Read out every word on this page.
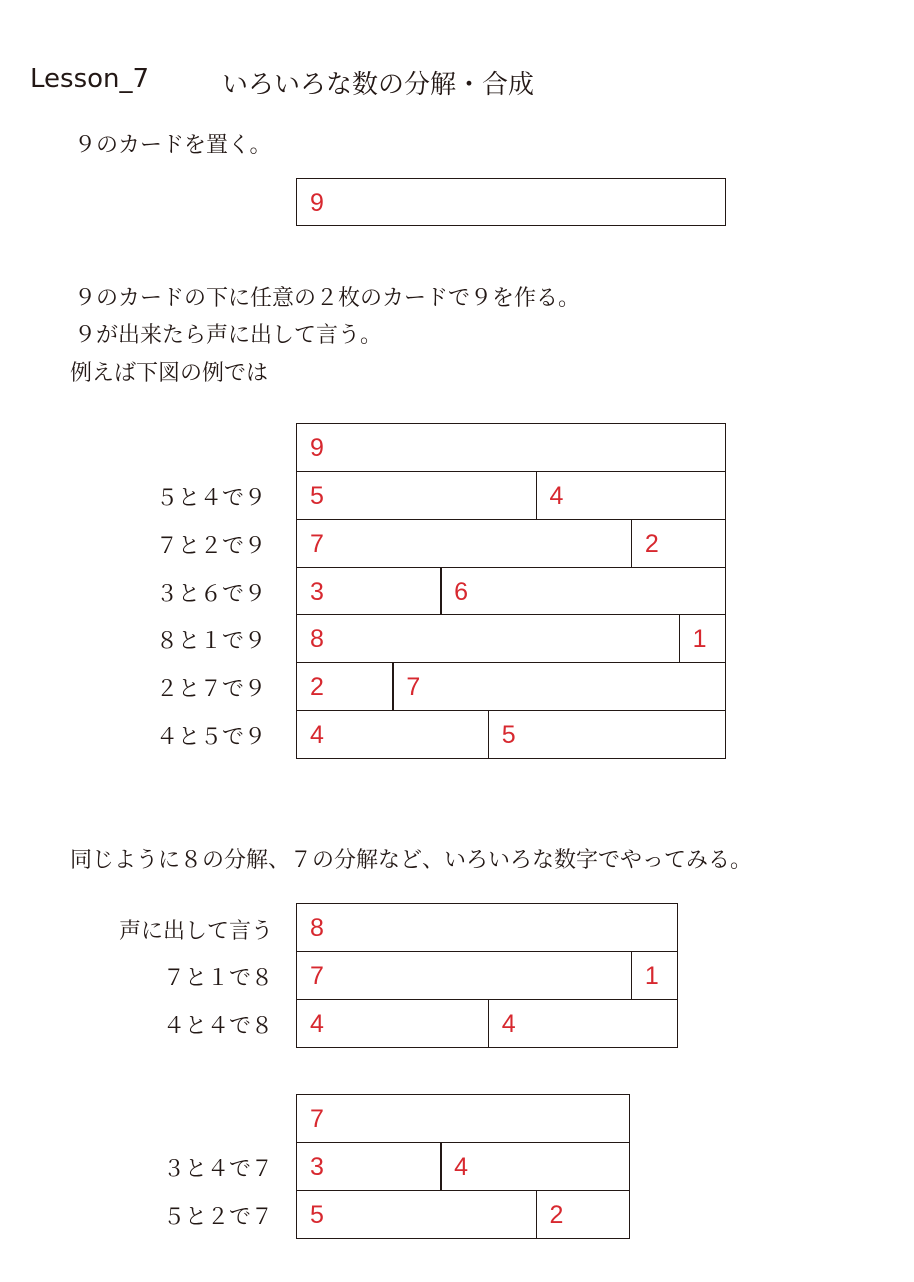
Lesson_7	いろいろな数の分解・合成
９のカードを置く。
9
９のカードの下に任意の２枚のカードで９を作る。
９が出来たら声に出して言う。
例えば下図の例では
9
５と４で９ 5	4
７と２で９ 7	2
３と６で９ 3	6
８と１で９ 8	1
２と７で９ 2	7
４と５で９ 4	5
同じように８の分解、７の分解など、いろいろな数字でやってみる。
声に出して言う 8
７と１で８ 7	1
４と４で８ 4	4
7
３と４で７ 3	4
５と２で７ 5	2
